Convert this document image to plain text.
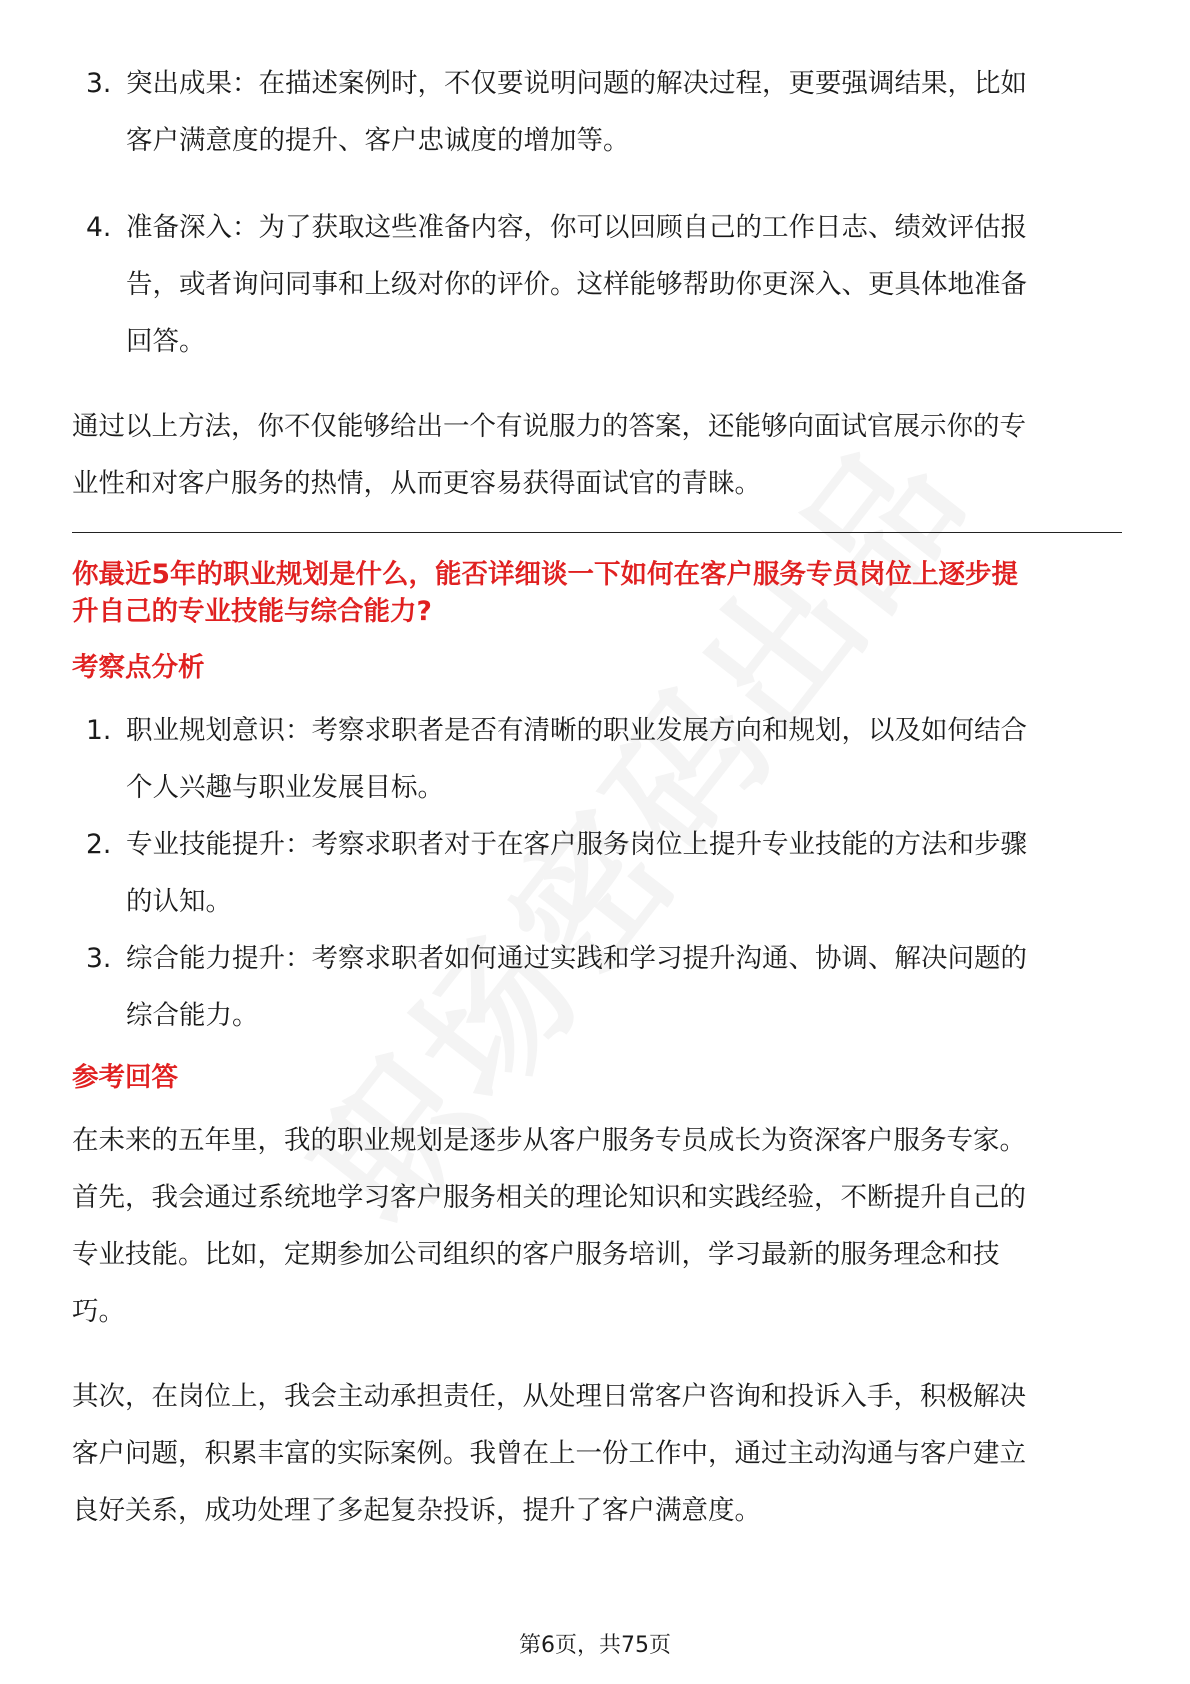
3. 突出成果：在描述案例时，不仅要说明问题的解决过程，更要强调结果，比如
客户满意度的提升、客户忠诚度的增加等。
4. 准备深入：为了获取这些准备内容，你可以回顾自己的工作日志、绩效评估报
告，或者询问同事和上级对你的评价。这样能够帮助你更深入、更具体地准备
回答。
通过以上方法，你不仅能够给出一个有说服力的答案，还能够向面试官展示你的专
业性和对客户服务的热情，从而更容易获得面试官的青睐。
你最近5年的职业规划是什么，能否详细谈一下如何在客户服务专员岗位上逐步提
升自己的专业技能与综合能力?
考察点分析
1. 职业规划意识：考察求职者是否有清晰的职业发展方向和规划，以及如何结合
个人兴趣与职业发展目标。
2. 专业技能提升：考察求职者对于在客户服务岗位上提升专业技能的方法和步骤
的认知。
3. 综合能力提升：考察求职者如何通过实践和学习提升沟通、协调、解决问题的
综合能力。
参考回答
在未来的五年里，我的职业规划是逐步从客户服务专员成长为资深客户服务专家。
首先，我会通过系统地学习客户服务相关的理论知识和实践经验，不断提升自己的
专业技能。比如，定期参加公司组织的客户服务培训，学习最新的服务理念和技
巧。
其次，在岗位上，我会主动承担责任，从处理日常客户咨询和投诉入手，积极解决
客户问题，积累丰富的实际案例。我曾在上一份工作中，通过主动沟通与客户建立
良好关系，成功处理了多起复杂投诉，提升了客户满意度。
第6页，共75页
